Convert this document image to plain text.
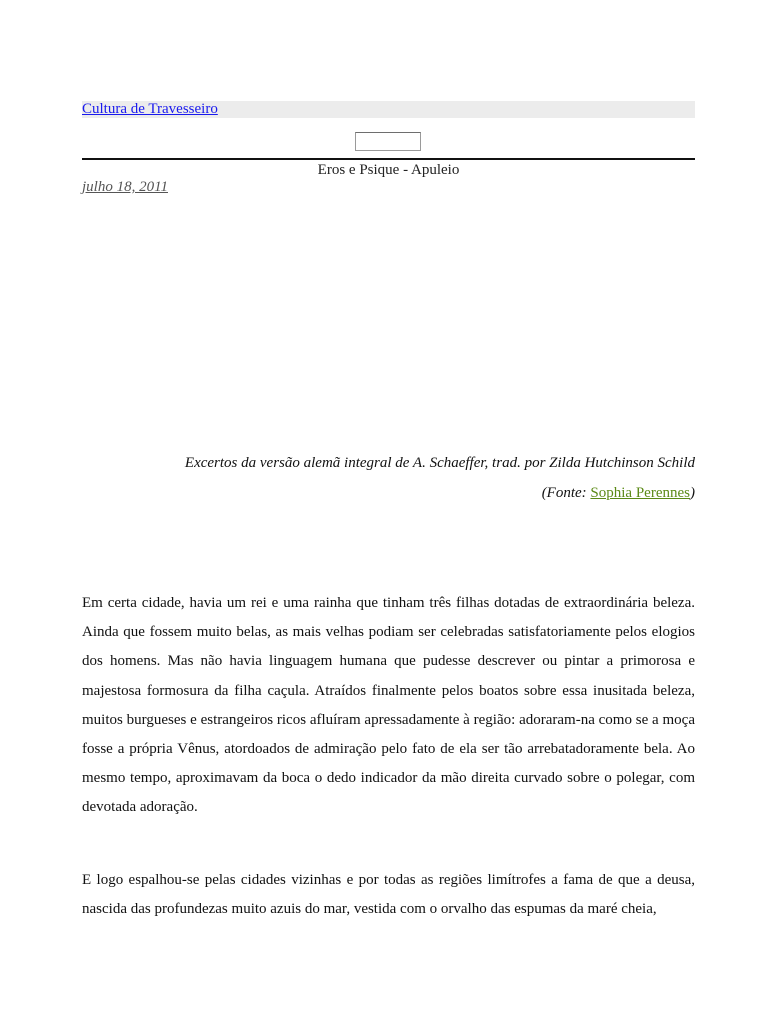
Cultura de Travesseiro
Eros e Psique - Apuleio
julho 18, 2011
Excertos da versão alemã integral de A. Schaeffer, trad. por Zilda Hutchinson Schild
(Fonte: Sophia Perennes)

Em certa cidade, havia um rei e uma rainha que tinham três filhas dotadas de extraordinária beleza. Ainda que fossem muito belas, as mais velhas podiam ser celebradas satisfatoriamente pelos elogios dos homens. Mas não havia linguagem humana que pudesse descrever ou pintar a primorosa e majestosa formosura da filha caçula. Atraídos finalmente pelos boatos sobre essa inusitada beleza, muitos burgueses e estrangeiros ricos afluíram apressadamente à região: adoraram-na como se a moça fosse a própria Vênus, atordoados de admiração pelo fato de ela ser tão arrebatadoramente bela. Ao mesmo tempo, aproximavam da boca o dedo indicador da mão direita curvado sobre o polegar, com devotada adoração.

E logo espalhou-se pelas cidades vizinhas e por todas as regiões limítrofes a fama de que a deusa, nascida das profundezas muito azuis do mar, vestida com o orvalho das espumas da maré cheia,
